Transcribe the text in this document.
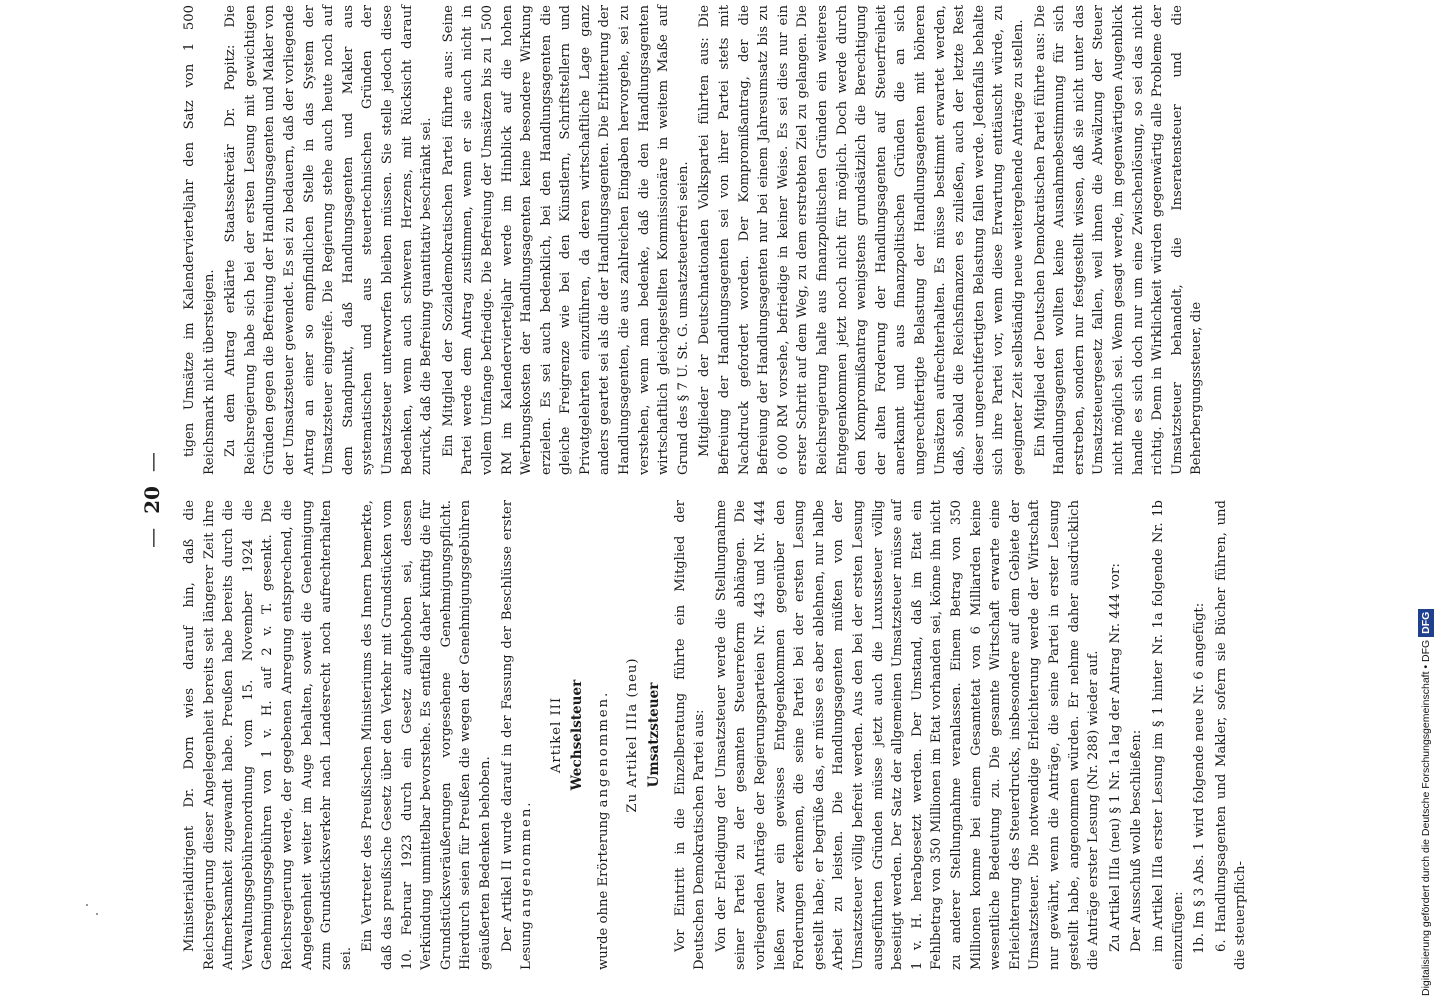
Digitalisierung gefördert durch die Deutsche Forschungsgemeinschaft • DFG DFG
—20—

Ministerialdirigent Dr. Dorn wies darauf hin, daß die Reichsregierung dieser Angelegenheit bereits seit längerer Zeit ihre Aufmerksamkeit zugewandt habe. Preußen habe bereits durch die Verwaltungsgebührenordnung vom 15. November 1924 die Genehmigungsgebühren von 1 v. H. auf 2 v. T. gesenkt. Die Reichsregierung werde, der gegebenen Anregung entsprechend, die Angelegenheit weiter im Auge behalten, soweit die Genehmigung zum Grundstücksverkehr nach Landesrecht noch aufrechterhalten sei.

Ein Vertreter des Preußischen Ministeriums des Innern bemerkte, daß das preußische Gesetz über den Verkehr mit Grundstücken vom 10. Februar 1923 durch ein Gesetz aufgehoben sei, dessen Verkündung unmittelbar bevorstehe. Es entfalle daher künftig die für Grundstücksveräußerungen vorgesehene Genehmigungspflicht. Hierdurch seien für Preußen die wegen der Genehmigungsgebühren geäußerten Bedenken behoben. Der Artikel II wurde darauf in der Fassung der Beschlüsse erster Lesung angenommen.

Artikel III Wechselsteuer

wurde ohne Erörterung angenommen. Zu Artikel IIIa (neu) Umsatzsteuer Vor Eintritt in die Einzelberatung führte ein Mitglied der Deutschen Demokratischen Partei aus: Von der Erledigung der Umsatzsteuer werde die Stellungnahme seiner Partei zu der gesamten Steuerreform abhängen. Die vorliegenden Anträge der Regierungsparteien Nr. 443 und Nr. 444 ließen zwar ein gewisses Entgegenkommen gegenüber den Forderungen erkennen, die seine Partei bei der ersten Lesung gestellt habe; er begrüße das, er müsse es aber ablehnen, nur halbe Arbeit zu leisten. Die Handlungsagenten müßten von der Umsatzsteuer völlig befreit werden. Aus den bei der ersten Lesung ausgeführten Gründen müsse jetzt auch die Luxussteuer völlig beseitigt werden. Der Satz der allgemeinen Umsatzsteuer müsse auf 1 v. H. herabgesetzt werden. Der Umstand, daß im Etat ein Fehlbetrag von 350 Millionen im Etat vorhanden sei, könne ihn nicht zu anderer Stellungnahme veranlassen. Einem Betrag von 350 Millionen komme bei einem Gesamtetat von 6 Milliarden keine wesentliche Bedeutung zu. Die gesamte Wirtschaft erwarte eine Erleichterung des Steuerdrucks, insbesondere auf dem Gebiete der Umsatzsteuer. Die notwendige Erleichterung werde der Wirtschaft nur gewährt, wenn die Anträge, die seine Partei in erster Lesung gestellt habe, angenommen würden. Er nehme daher ausdrücklich die Anträge erster Lesung (Nr. 288) wieder auf. Zu Artikel IIIa (neu) § 1 Nr. 1a lag der Antrag Nr. 444 vor: Der Ausschuß wolle beschließen: im Artikel IIIa erster Lesung im § 1 hinter Nr. 1a folgende Nr. 1b einzufügen: 1b. Im § 3 Abs. 1 wird folgende neue Nr. 6 angefügt: 6. Handlungsagenten und Makler, sofern sie Bücher führen, und die steuerpflich-

tigen Umsätze im Kalendervierteljahr den Satz von 1 500 Reichsmark nicht übersteigen. Zu dem Antrag erklärte Staatssekretär Dr. Popitz: Die Reichsregierung habe sich bei der ersten Lesung mit gewichtigen Gründen gegen die Befreiung der Handlungsagenten und Makler von der Umsatzsteuer gewendet. Es sei zu bedauern, daß der vorliegende Antrag an einer so empfindlichen Stelle in das System der Umsatzsteuer eingreife. Die Regierung stehe auch heute noch auf dem Standpunkt, daß Handlungsagenten und Makler aus systematischen und aus steuertechnischen Gründen der Umsatzsteuer unterworfen bleiben müssen. Sie stelle jedoch diese Bedenken, wenn auch schweren Herzens, mit Rücksicht darauf zurück, daß die Befreiung quantitativ beschränkt sei. Ein Mitglied der Sozialdemokratischen Partei führte aus: Seine Partei werde dem Antrag zustimmen, wenn er sie auch nicht in vollem Umfange befriedige. Die Befreiung der Umsätzen bis zu 1 500 RM im Kalendervierteljahr werde im Hinblick auf die hohen Werbungskosten der Handlungsagenten keine besondere Wirkung erzielen. Es sei auch bedenklich, bei den Handlungsagenten die gleiche Freigrenze wie bei den Künstlern, Schriftstellern und Privatgelehrten einzuführen, da deren wirtschaftliche Lage ganz anders geartet sei als die der Handlungsagenten. Die Erbitterung der Handlungsagenten, die aus zahlreichen Eingaben hervorgehe, sei zu verstehen, wenn man bedenke, daß die den Handlungsagenten wirtschaftlich gleichgestellten Kommissionäre in weitem Maße auf Grund des § 7 U. St. G. umsatzsteuerfrei seien. Mitglieder der Deutschnationalen Volkspartei führten aus: Die Befreiung der Handlungsagenten sei von ihrer Partei stets mit Nachdruck gefordert worden. Der Kompromißantrag, der die Befreiung der Handlungsagenten nur bei einem Jahresumsatz bis zu 6 000 RM vorsehe, befriedige in keiner Weise. Es sei dies nur ein erster Schritt auf dem Weg, zu dem erstrebten Ziel zu gelangen. Die Reichsregierung halte aus finanzpolitischen Gründen ein weiteres Entgegenkommen jetzt noch nicht für möglich. Doch werde durch den Kompromißantrag wenigstens grundsätzlich die Berechtigung der alten Forderung der Handlungsagenten auf Steuerfreiheit anerkannt und aus finanzpolitischen Gründen die an sich ungerechtfertigte Belastung der Handlungsagenten mit höheren Umsätzen aufrechterhalten. Es müsse bestimmt erwartet werden, daß, sobald die Reichsfinanzen es zuließen, auch der letzte Rest dieser ungerechtfertigten Belastung fallen werde. Jedenfalls behalte sich ihre Partei vor, wenn diese Erwartung enttäuscht würde, zu geeigneter Zeit selbständig neue weitergehende Anträge zu stellen. Ein Mitglied der Deutschen Demokratischen Partei führte aus: Die Handlungsagenten wollten keine Ausnahmebestimmung für sich erstreben, sondern nur festgestellt wissen, daß sie nicht unter das Umsatzsteuergesetz fallen, weil ihnen die Abwälzung der Steuer nicht möglich sei. Wenn gesagt werde, im gegenwärtigen Augenblick handle es sich doch nur um eine Zwischenlösung, so sei das nicht richtig. Denn in Wirklichkeit würden gegenwärtig alle Probleme der Umsatzsteuer behandelt, die Inseratensteuer und die Beherbergungssteuer, die
